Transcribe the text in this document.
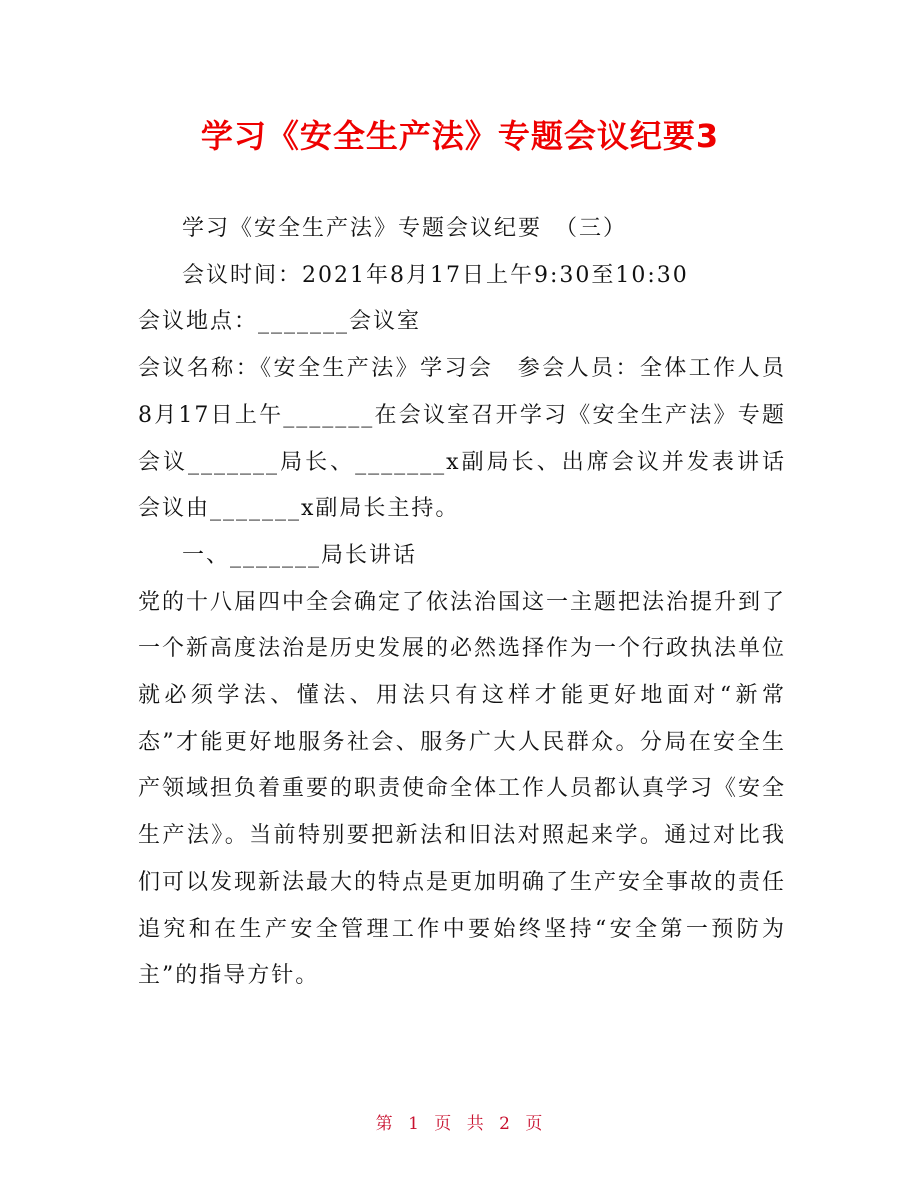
学习《安全生产法》专题会议纪要3

学习《安全生产法》专题会议纪要　（三）

会议时间：2021年8月17日上午9:30至10:30

会议地点：_______会议室

会议名称：《安全生产法》学习会　参会人员：全体工作人员8月17日上午_______在会议室召开学习《安全生产法》专题会议_______局长、_______x副局长、出席会议并发表讲话会议由_______x副局长主持。

一、_______局长讲话

党的十八届四中全会确定了依法治国这一主题把法治提升到了一个新高度法治是历史发展的必然选择作为一个行政执法单位就必须学法、懂法、用法只有这样才能更好地面对“新常态”才能更好地服务社会、服务广大人民群众。分局在安全生产领域担负着重要的职责使命全体工作人员都认真学习《安全生产法》。当前特别要把新法和旧法对照起来学。通过对比我们可以发现新法最大的特点是更加明确了生产安全事故的责任追究和在生产安全管理工作中要始终坚持“安全第一预防为主”的指导方针。

第 1 页 共 2 页
